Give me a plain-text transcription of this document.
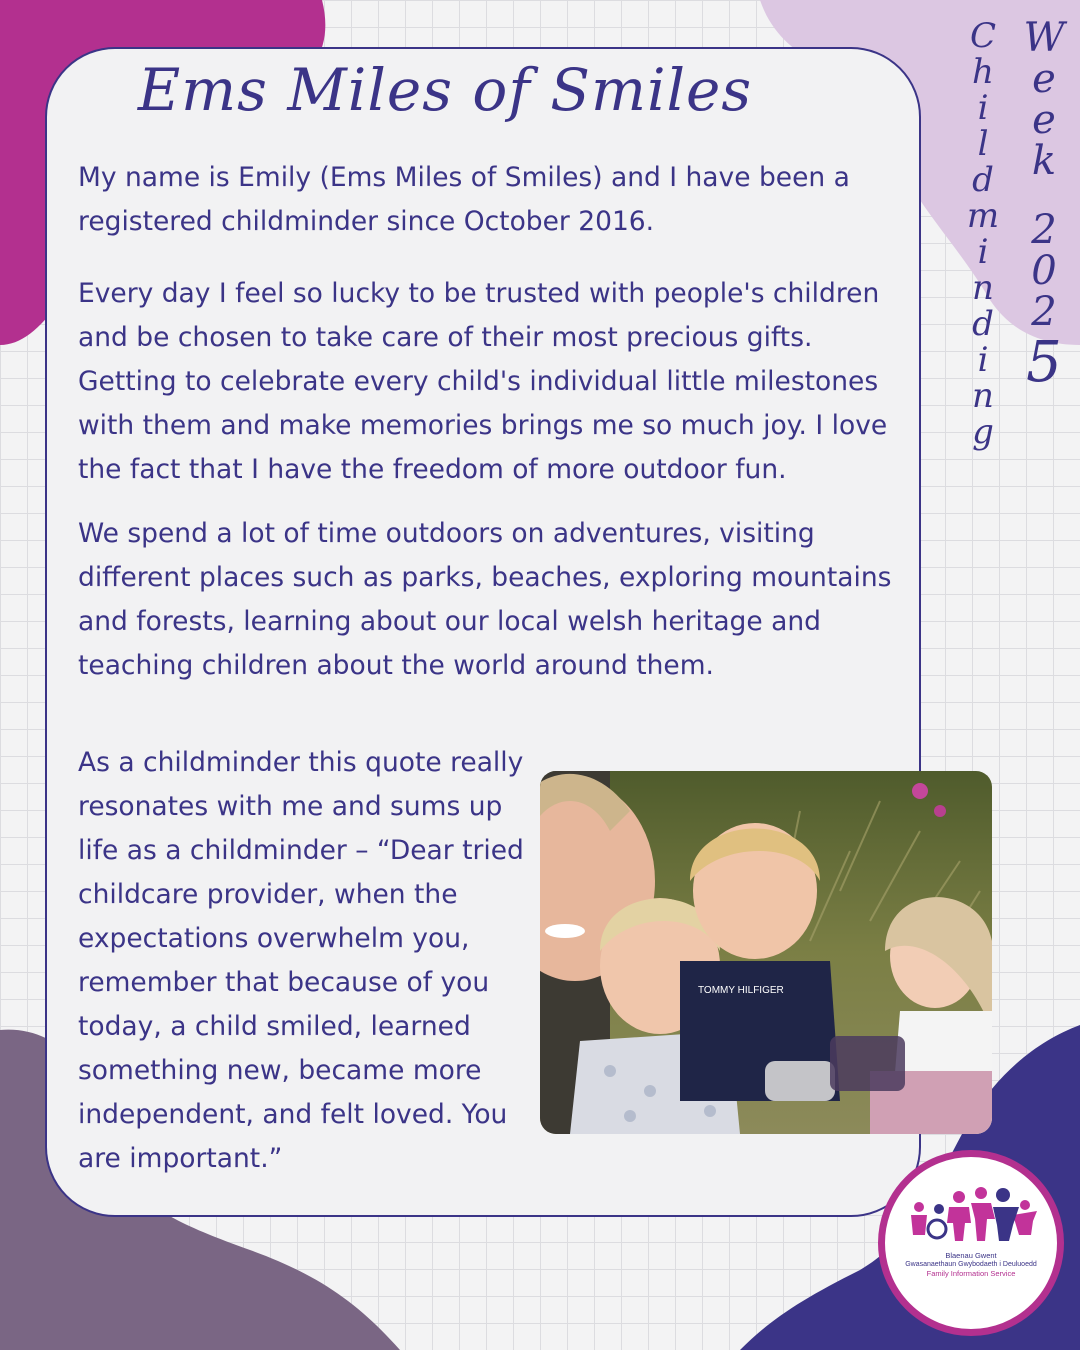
Ems Miles of Smiles

My name is Emily (Ems Miles of Smiles) and I have been a registered childminder since October 2016.

Every day I feel so lucky to be trusted with people's children and be chosen to take care of their most precious gifts. Getting to celebrate every child's individual little milestones with them and make memories brings me so much joy. I love the fact that I have the freedom of more outdoor fun.

We spend a lot of time outdoors on adventures, visiting different places such as parks, beaches, exploring mountains and forests, learning about our local welsh heritage and teaching children about the world around them.

As a childminder this quote really resonates with me and sums up life as a childminder – “Dear tried childcare provider, when the expectations overwhelm you, remember that because of you today, a child smiled, learned something new, became more independent, and felt loved. You are important.”

C
h
i
l
d
m
i
n
d
i
n
g
W
e
e
k
2
0
2
5
TOMMY HILFIGER
Blaenau Gwent
Gwasanaethaun Gwybodaeth i Deuluoedd
Family Information Service
